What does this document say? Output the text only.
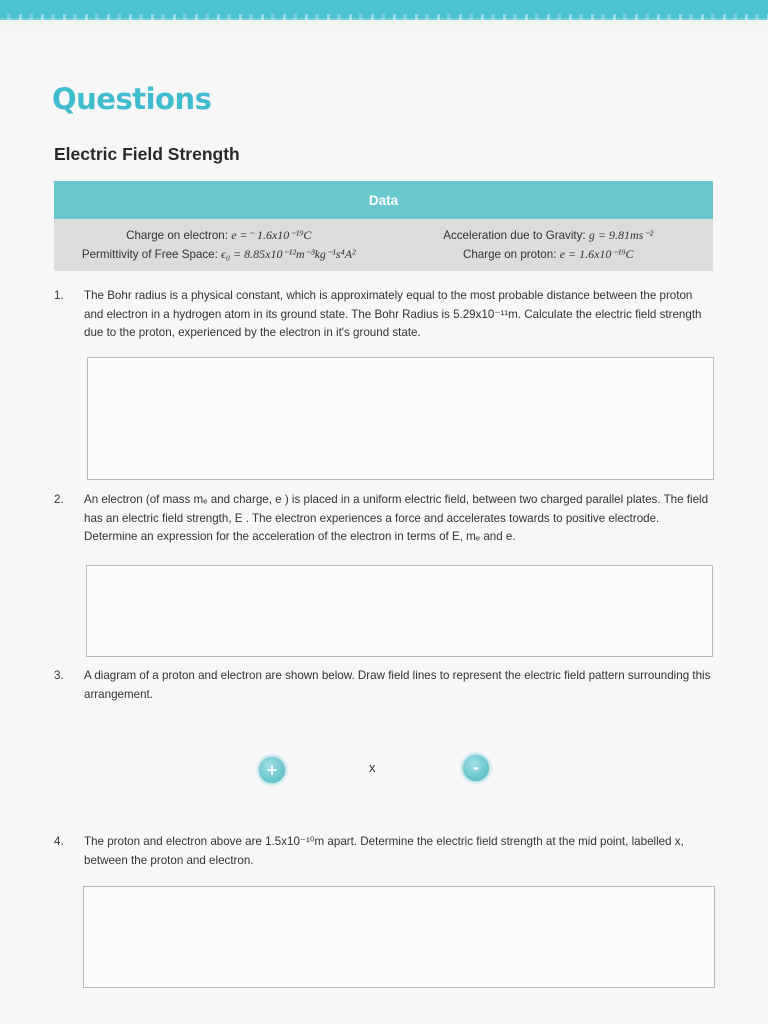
Questions
Electric Field Strength
Data
Charge on electron: e =⁻ 1.6x10⁻¹⁹C
Permittivity of Free Space: ϵ₀ = 8.85x10⁻¹²m⁻³kg⁻¹s⁴A²
Acceleration due to Gravity: g = 9.81ms⁻²
Charge on proton: e = 1.6x10⁻¹⁹C
1. The Bohr radius is a physical constant, which is approximately equal to the most probable distance between the proton and electron in a hydrogen atom in its ground state. The Bohr Radius is 5.29x10⁻¹¹m. Calculate the electric field strength due to the proton, experienced by the electron in it's ground state.
2. An electron (of mass mₑ and charge, e ) is placed in a uniform electric field, between two charged parallel plates. The field has an electric field strength, E . The electron experiences a force and accelerates towards to positive electrode. Determine an expression for the acceleration of the electron in terms of E, mₑ and e.
3. A diagram of a proton and electron are shown below. Draw field lines to represent the electric field pattern surrounding this arrangement.
+	x	-
4. The proton and electron above are 1.5x10⁻¹⁰m apart. Determine the electric field strength at the mid point, labelled x, between the proton and electron.
